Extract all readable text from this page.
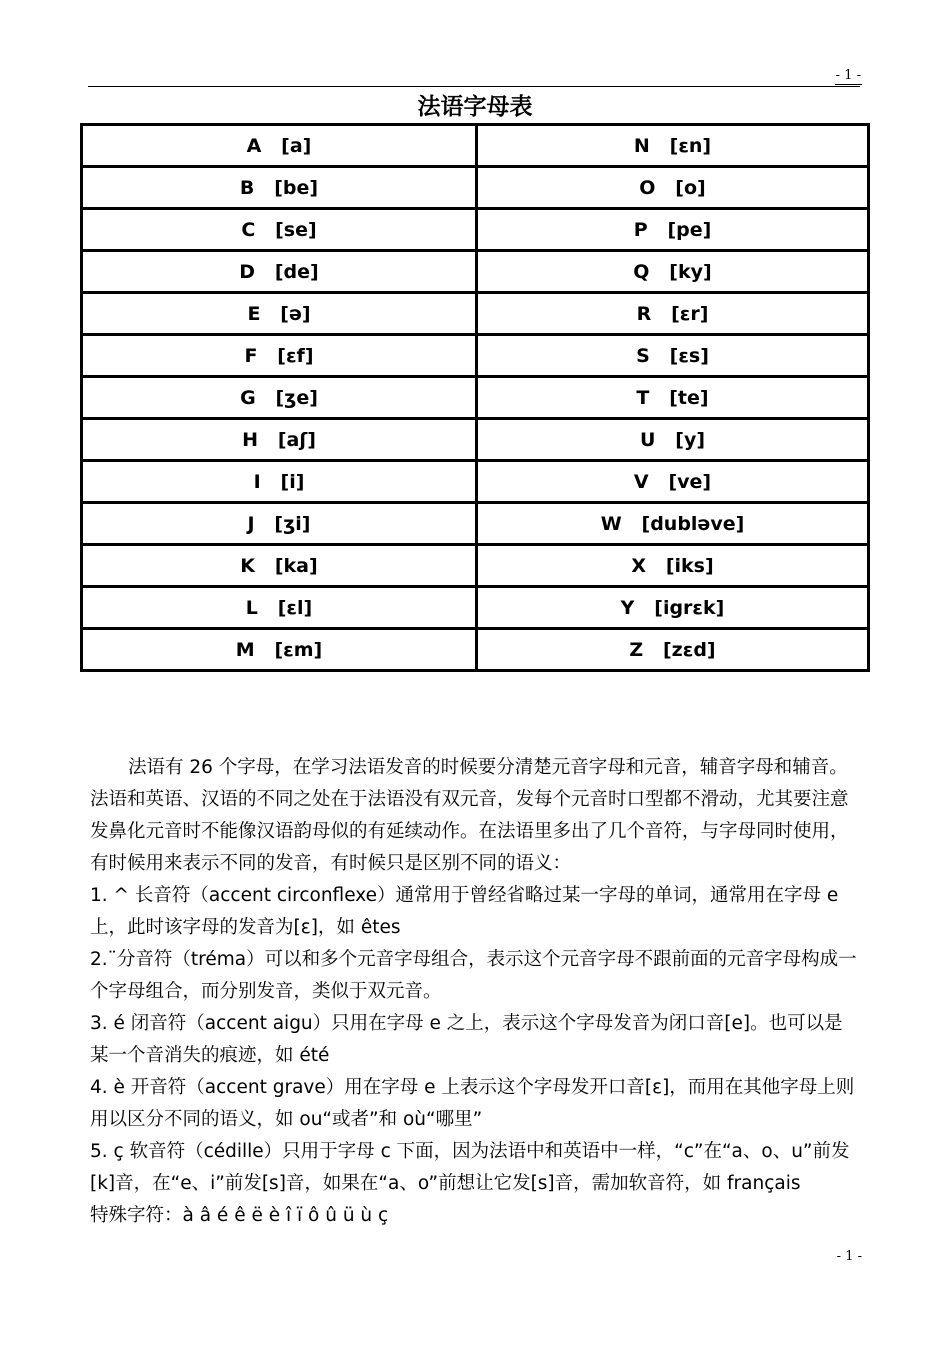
- 1 -
法语字母表
A   [a]	N   [εn]
B   [be]	O   [o]
C   [se]	P   [pe]
D   [de]	Q   [ky]
E   [ə]	R   [εr]
F   [εf]	S   [εs]
G   [ʒe]	T   [te]
H   [aʃ]	U   [y]
I   [i]	V   [ve]
J   [ʒi]	W   [dubləve]
K   [ka]	X   [iks]
L   [εl]	Y   [igrεk]
M   [εm]	Z   [zεd]

法语有 26 个字母，在学习法语发音的时候要分清楚元音字母和元音，辅音字母和辅音。法语和英语、汉语的不同之处在于法语没有双元音，发每个元音时口型都不滑动，尤其要注意发鼻化元音时不能像汉语韵母似的有延续动作。在法语里多出了几个音符，与字母同时使用，有时候用来表示不同的发音，有时候只是区别不同的语义：

1. ^ 长音符（accent circonflexe）通常用于曾经省略过某一字母的单词，通常用在字母 e 上，此时该字母的发音为[ε]，如 êtes

2.¨分音符（tréma）可以和多个元音字母组合，表示这个元音字母不跟前面的元音字母构成一个字母组合，而分别发音，类似于双元音。

3. é 闭音符（accent aigu）只用在字母 e 之上，表示这个字母发音为闭口音[e]。也可以是某一个音消失的痕迹，如 été

4. è 开音符（accent grave）用在字母 e 上表示这个字母发开口音[ε]，而用在其他字母上则用以区分不同的语义，如 ou“或者”和 où“哪里”

5. ç 软音符（cédille）只用于字母 c 下面，因为法语中和英语中一样，“c”在“a、o、u”前发[k]音，在“e、i”前发[s]音，如果在“a、o”前想让它发[s]音，需加软音符，如 français

特殊字符：à â é ê ë è î ï ô û ü ù ç

- 1 -
